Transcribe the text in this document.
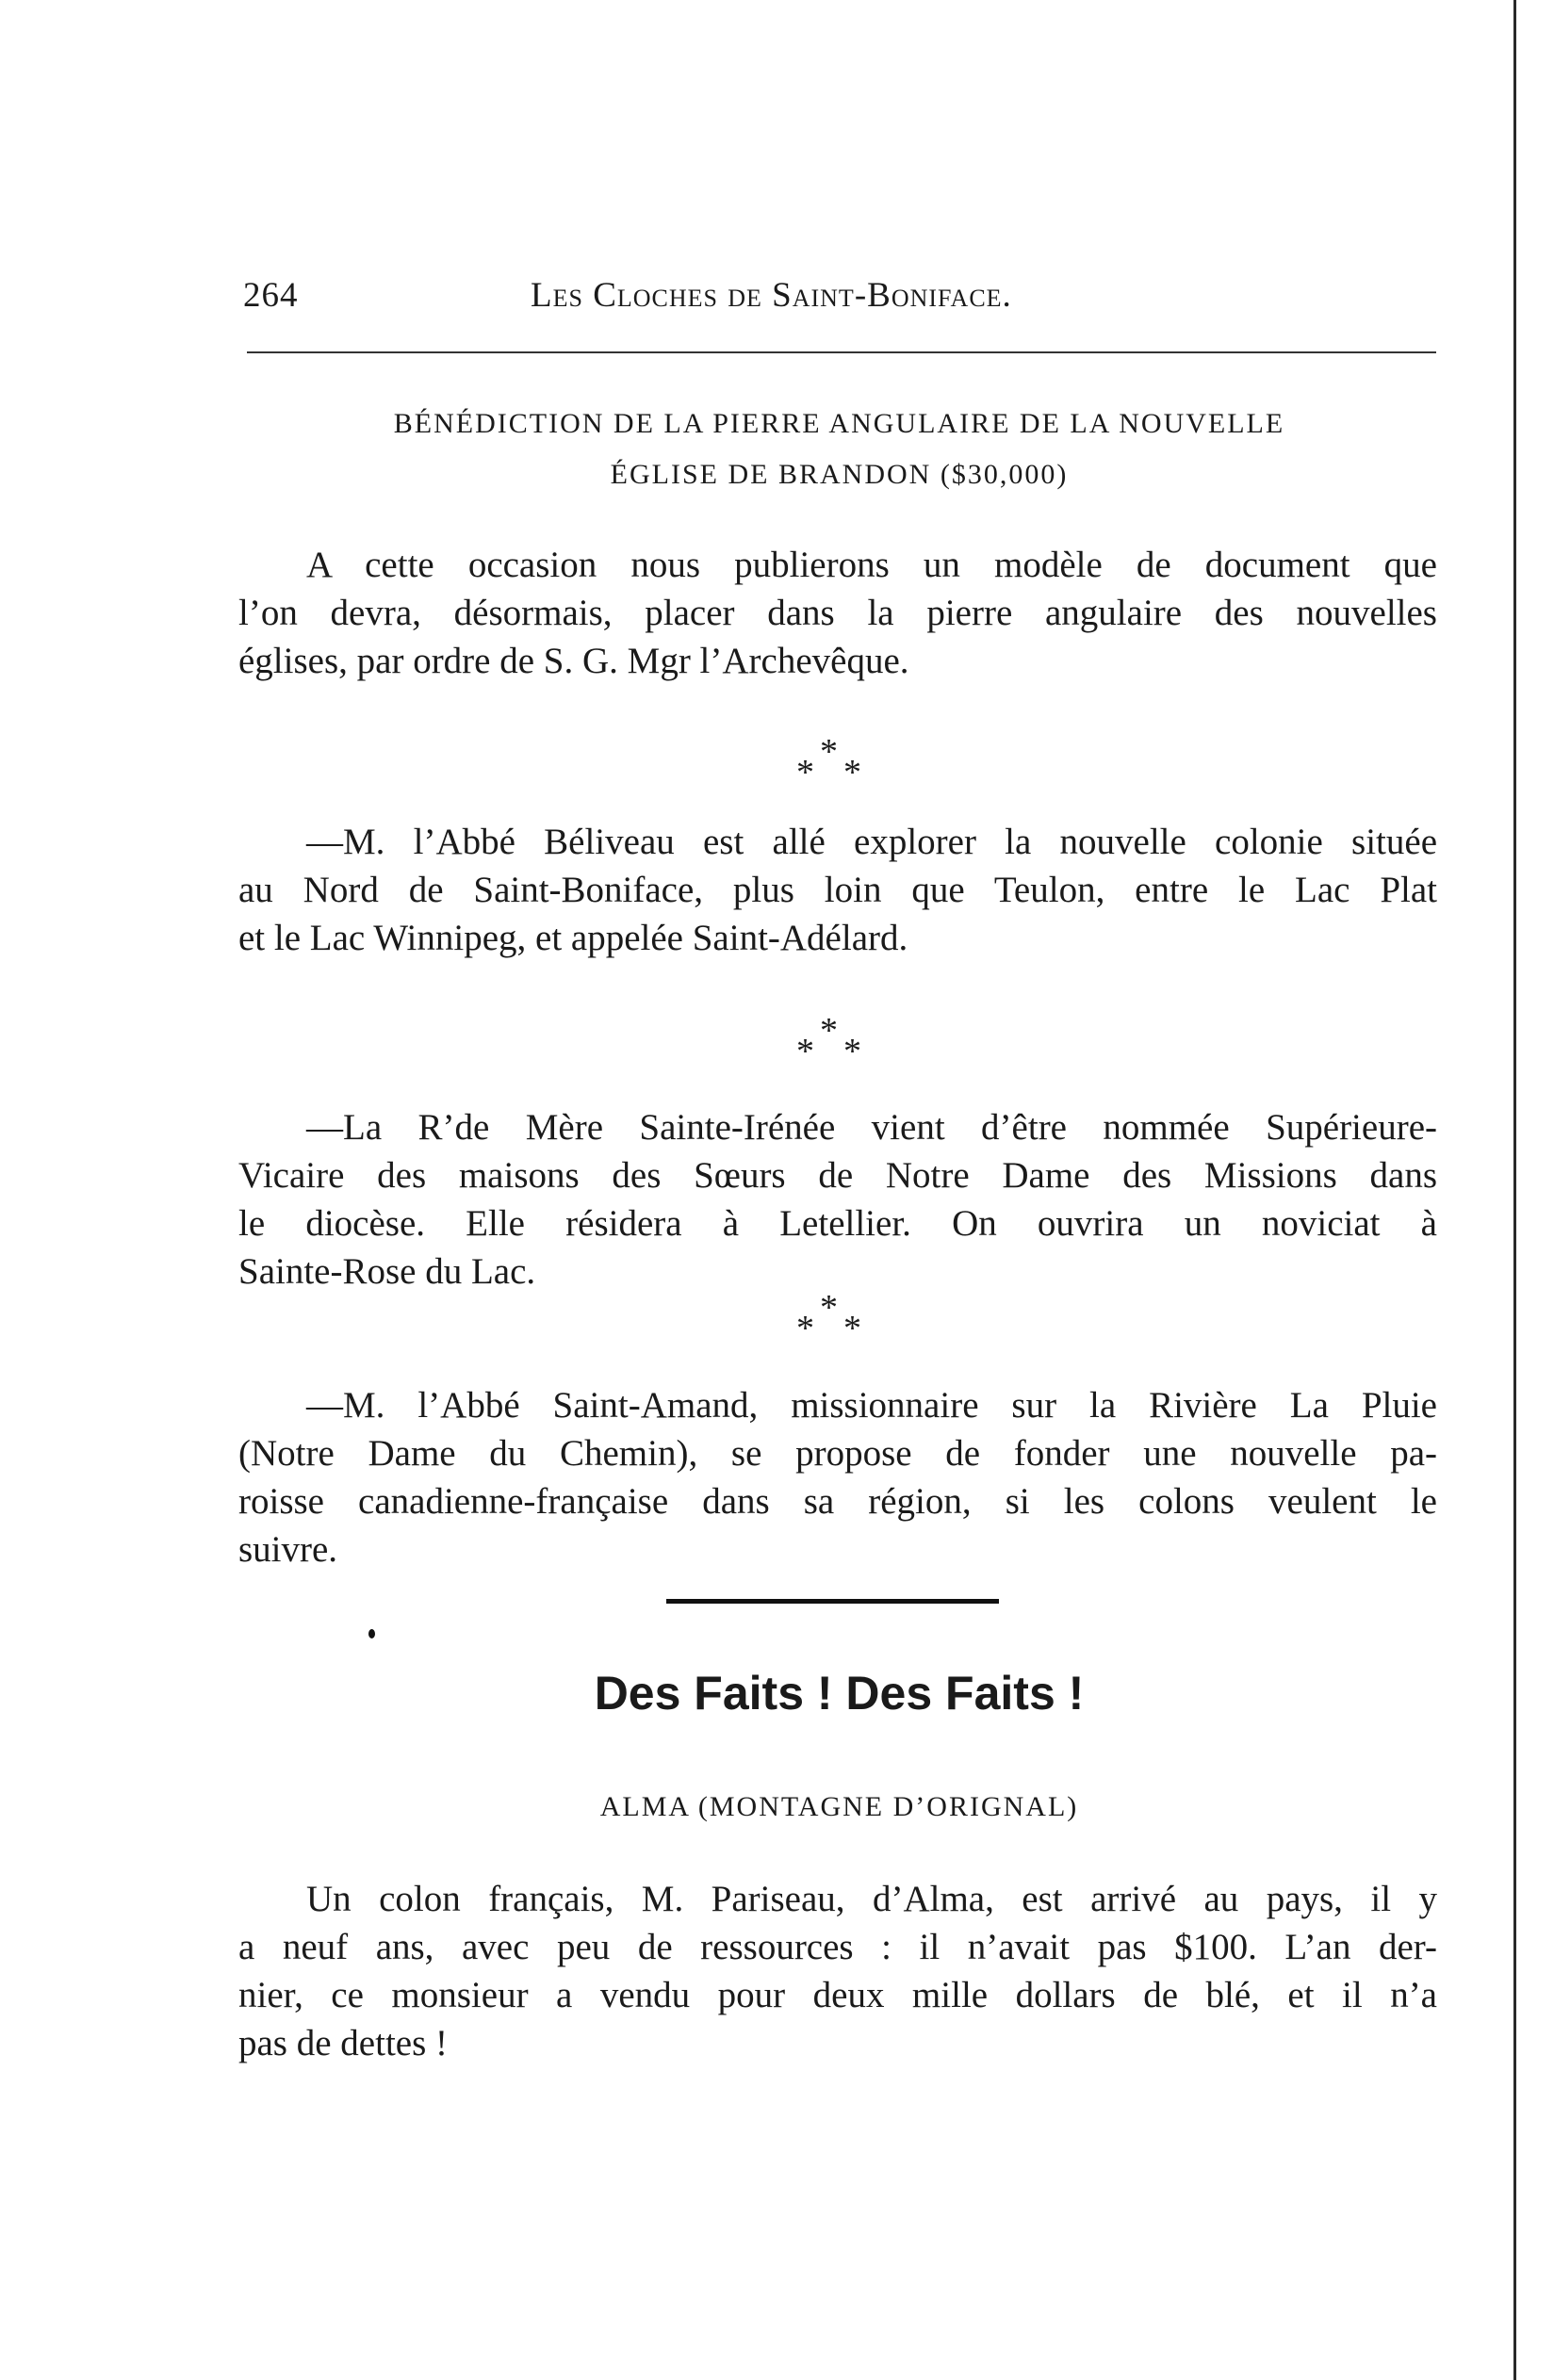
264	Les Cloches de Saint-Boniface.
BÉNÉDICTION DE LA PIERRE ANGULAIRE DE LA NOUVELLE
ÉGLISE DE BRANDON ($30,000)
A cette occasion nous publierons un modèle de document que
l’on devra, désormais, placer dans la pierre angulaire des nouvelles
églises, par ordre de S. G. Mgr l’Archevêque.
*
* *
—M. l’Abbé Béliveau est allé explorer la nouvelle colonie située
au Nord de Saint-Boniface, plus loin que Teulon, entre le Lac Plat
et le Lac Winnipeg, et appelée Saint-Adélard.
*
* *
—La R’de Mère Sainte-Irénée vient d’être nommée Supérieure-
Vicaire des maisons des Sœurs de Notre Dame des Missions dans
le diocèse. Elle résidera à Letellier. On ouvrira un noviciat à
Sainte-Rose du Lac.
*
* *
—M. l’Abbé Saint-Amand, missionnaire sur la Rivière La Pluie
(Notre Dame du Chemin), se propose de fonder une nouvelle pa-
roisse canadienne-française dans sa région, si les colons veulent le
suivre.
Des Faits ! Des Faits !
ALMA (MONTAGNE D’ORIGNAL)
Un colon français, M. Pariseau, d’Alma, est arrivé au pays, il y
a neuf ans, avec peu de ressources : il n’avait pas $100. L’an der-
nier, ce monsieur a vendu pour deux mille dollars de blé, et il n’a
pas de dettes !
